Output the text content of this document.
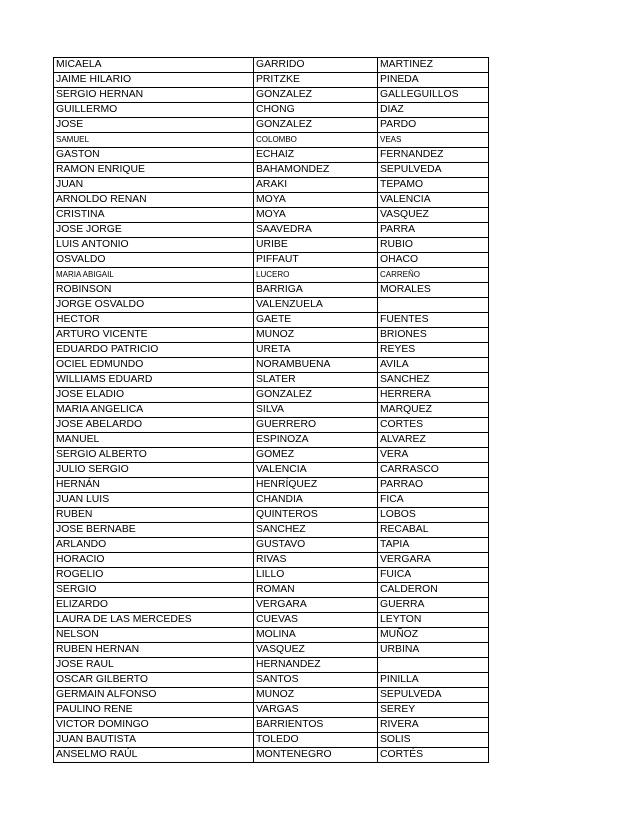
MICAELA	GARRIDO	MARTINEZ
JAIME HILARIO	PRITZKE	PINEDA
SERGIO HERNAN	GONZALEZ	GALLEGUILLOS
GUILLERMO	CHONG	DIAZ
JOSE	GONZALEZ	PARDO
SAMUEL	COLOMBO	VEAS
GASTON	ECHAIZ	FERNANDEZ
RAMON ENRIQUE	BAHAMONDEZ	SEPULVEDA
JUAN	ARAKI	TEPAMO
ARNOLDO RENAN	MOYA	VALENCIA
CRISTINA	MOYA	VASQUEZ
JOSE JORGE	SAAVEDRA	PARRA
LUIS ANTONIO	URIBE	RUBIO
OSVALDO	PIFFAUT	OHACO
MARIA ABIGAIL	LUCERO	CARREÑO
ROBINSON	BARRIGA	MORALES
JORGE OSVALDO	VALENZUELA	
HECTOR	GAETE	FUENTES
ARTURO VICENTE	MUNOZ	BRIONES
EDUARDO PATRICIO	URETA	REYES
OCIEL EDMUNDO	NORAMBUENA	AVILA
WILLIAMS EDUARD	SLATER	SANCHEZ
JOSE ELADIO	GONZALEZ	HERRERA
MARIA ANGELICA	SILVA	MARQUEZ
JOSE ABELARDO	GUERRERO	CORTES
MANUEL	ESPINOZA	ALVAREZ
SERGIO ALBERTO	GOMEZ	VERA
JULIO SERGIO	VALENCIA	CARRASCO
HERNÁN	HENRÍQUEZ	PARRAO
JUAN LUIS	CHANDIA	FICA
RUBEN	QUINTEROS	LOBOS
JOSE BERNABE	SANCHEZ	RECABAL
ARLANDO	GUSTAVO	TAPIA
HORACIO	RIVAS	VERGARA
ROGELIO	LILLO	FUICA
SERGIO	ROMAN	CALDERON
ELIZARDO	VERGARA	GUERRA
LAURA DE LAS MERCEDES	CUEVAS	LEYTON
NELSON	MOLINA	MUÑOZ
RUBEN HERNAN	VASQUEZ	URBINA
JOSE RAUL	HERNANDEZ	
OSCAR GILBERTO	SANTOS	PINILLA
GERMAIN ALFONSO	MUNOZ	SEPULVEDA
PAULINO RENE	VARGAS	SEREY
VICTOR DOMINGO	BARRIENTOS	RIVERA
JUAN BAUTISTA	TOLEDO	SOLIS
ANSELMO RAÚL	MONTENEGRO	CORTÉS
